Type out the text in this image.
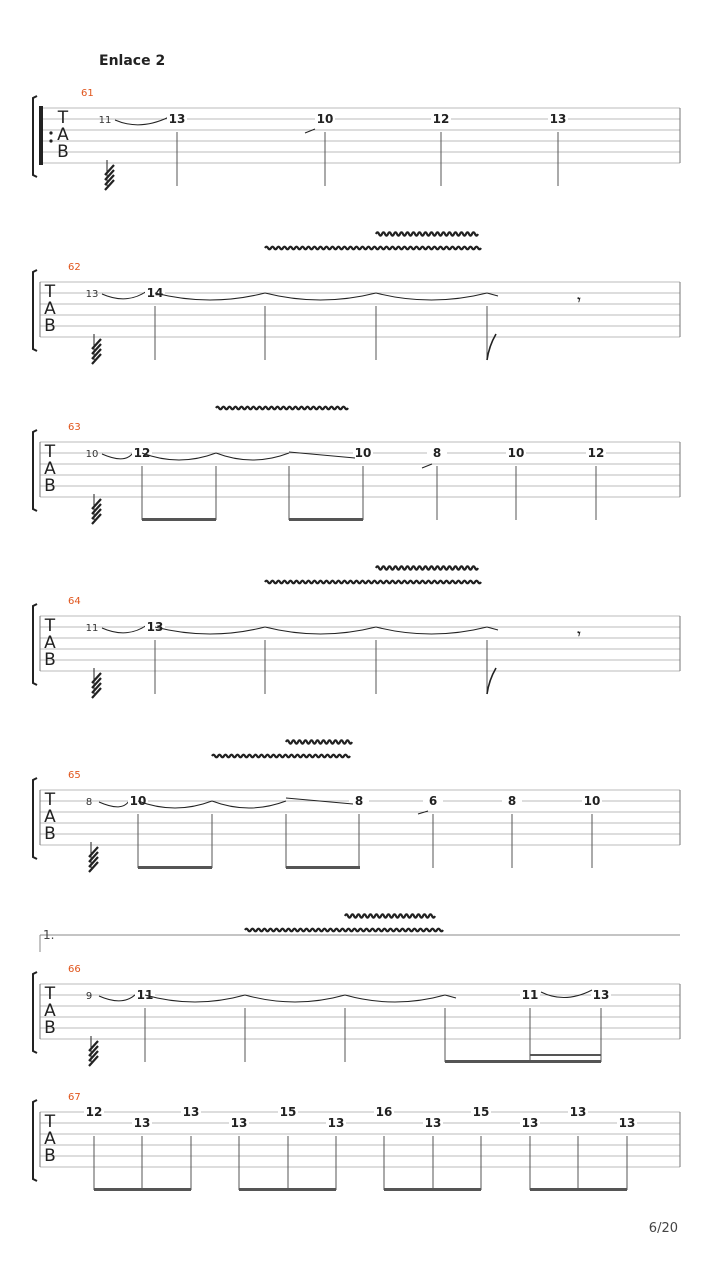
Enlace 2
T
A
B
61
11	13	10	12	13
T
A
B
62
13	14
T
A
B
63
10	12	10	8	10	12
T
A
B
64
11	13
T
A
B
65
8	10	8	6	8	10
T
A
B
66
9	11	11	13
T
A
B
67
12
13
13
13
15
13
16
13
15
13
13
13
𝄾
𝄾
1.
6/20
